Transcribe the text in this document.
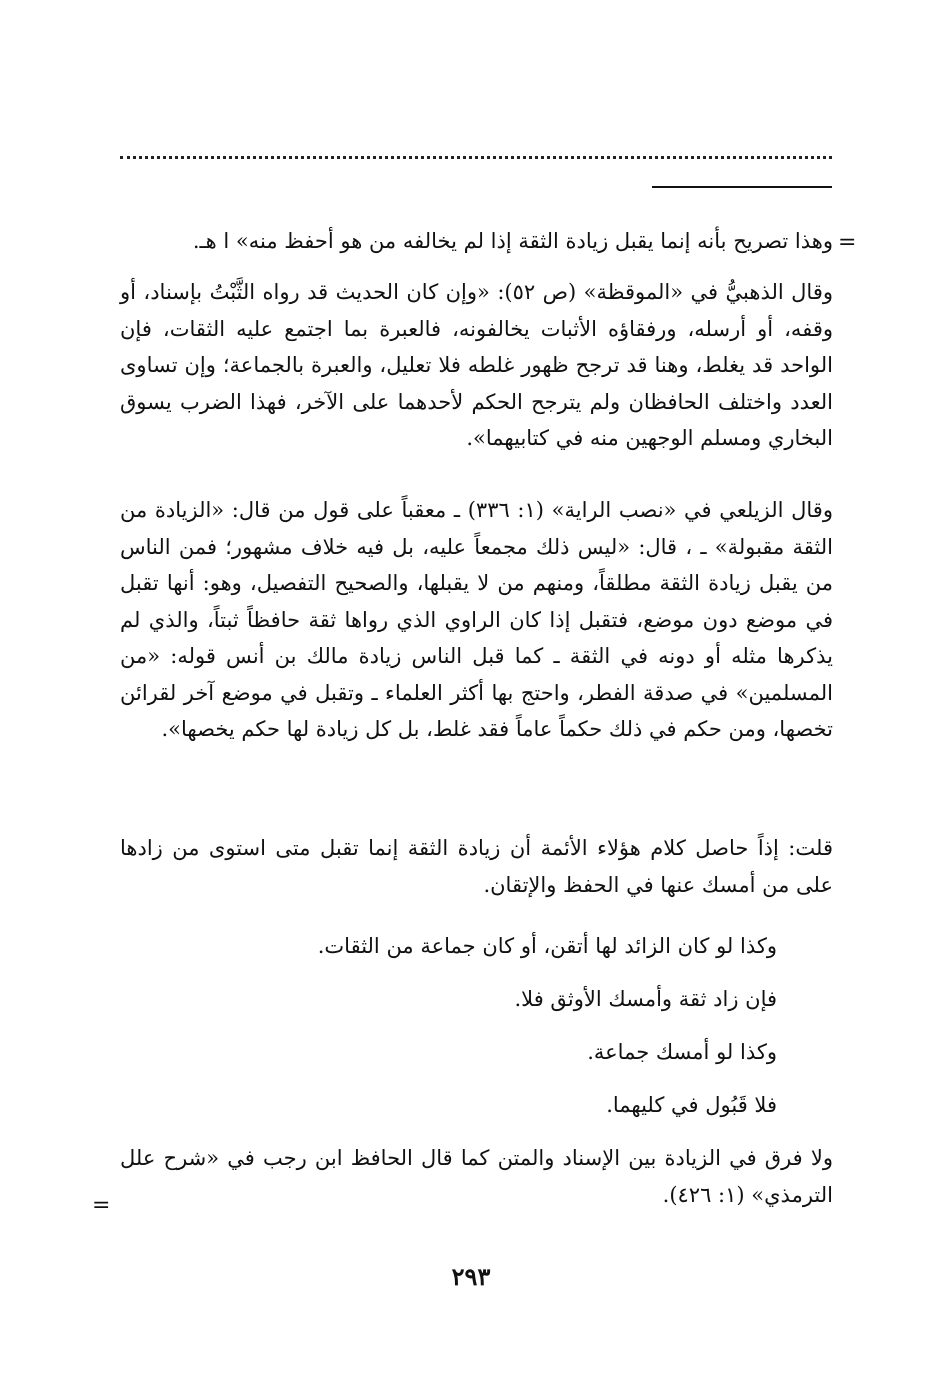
=
وهذا تصريح بأنه إنما يقبل زيادة الثقة إذا لم يخالفه من هو أحفظ منه» ا هـ.
وقال الذهبيُّ في «الموقظة» (ص ٥٢): «وإن كان الحديث قد رواه الثَّبْتُ بإسناد، أو وقفه، أو أرسله، ورفقاؤه الأثبات يخالفونه، فالعبرة بما اجتمع عليه الثقات، فإن الواحد قد يغلط، وهنا قد ترجح ظهور غلطه فلا تعليل، والعبرة بالجماعة؛ وإن تساوى العدد واختلف الحافظان ولم يترجح الحكم لأحدهما على الآخر، فهذا الضرب يسوق البخاري ومسلم الوجهين منه في كتابيهما».
وقال الزيلعي في «نصب الراية» (١: ٣٣٦) ـ معقباً على قول من قال: «الزيادة من الثقة مقبولة» ـ ، قال: «ليس ذلك مجمعاً عليه، بل فيه خلاف مشهور؛ فمن الناس من يقبل زيادة الثقة مطلقاً، ومنهم من لا يقبلها، والصحيح التفصيل، وهو: أنها تقبل في موضع دون موضع، فتقبل إذا كان الراوي الذي رواها ثقة حافظاً ثبتاً، والذي لم يذكرها مثله أو دونه في الثقة ـ كما قبل الناس زيادة مالك بن أنس قوله: «من المسلمين» في صدقة الفطر، واحتج بها أكثر العلماء ـ وتقبل في موضع آخر لقرائن تخصها، ومن حكم في ذلك حكماً عاماً فقد غلط، بل كل زيادة لها حكم يخصها».
قلت: إذاً حاصل كلام هؤلاء الأئمة أن زيادة الثقة إنما تقبل متى استوى من زادها على من أمسك عنها في الحفظ والإتقان.
وكذا لو كان الزائد لها أتقن، أو كان جماعة من الثقات.
فإن زاد ثقة وأمسك الأوثق فلا.
وكذا لو أمسك جماعة.
فلا قَبُول في كليهما.
ولا فرق في الزيادة بين الإسناد والمتن كما قال الحافظ ابن رجب في «شرح علل الترمذي» (١: ٤٢٦).
=
٢٩٣
